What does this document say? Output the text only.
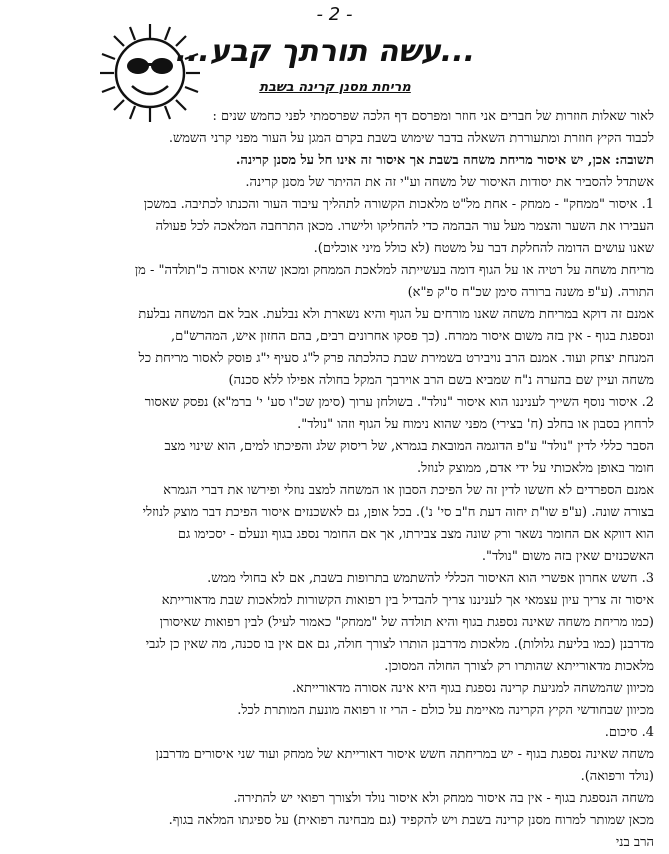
- 2 -
...עשה תורתך קבע...
מריחת מסנן קרינה בשבת
לאור שאלות חוזרות של חברים אני חוזר ומפרסם דף הלכה שפרסמתי לפני כחמש שנים :
לכבוד הקיץ חוזרת ומתעוררת השאלה בדבר שימוש בשבת בקרם המגן על העור מפני קרני השמש.
תשובה: אכן, יש איסור מריחת משחה בשבת אך איסור זה אינו חל על מסנן קרינה.
אשתדל להסביר את יסודות האיסור של משחה וע"י זה את ההיתר של מסנן קרינה.
1. איסור "ממחק" - ממחק - אחת מל"ט מלאכות הקשורה לתהליך עיבוד העור והכנתו לכתיבה. במשכן
העבירו את השער והצמר מעל עור הבהמה כדי להחליקו ולישרו. מכאן התרחבה המלאכה לכל פעולה
שאנו עושים הדומה להחלקת דבר על משטח (לא כולל מיני אוכלים).
מריחת משחה על רטיה או על הגוף דומה בעשייתה למלאכת הממחק ומכאן שהיא אסורה כ"תולדה" - מן
התורה. (ע"פ משנה ברורה סימן שכ"ח ס"ק פ"א)
אמנם זה דוקא במריחת משחה שאנו מורחים על הגוף והיא נשארת ולא נבלעת. אבל אם המשחה נבלעת
ונספגת בגוף - אין בזה משום איסור ממרח. (כך פסקו אחרונים רבים, בהם החזון איש, המהרש"ם,
המנחת יצחק ועוד. אמנם הרב נויבירט בשמירת שבת כהלכתה פרק ל"ג סעיף י"ג פוסק לאסור מריחת כל
משחה ועיין שם בהערה נ"ח שמביא בשם הרב אוירבך המקל בחולה אפילו ללא סכנה)
2. איסור נוסף השייך לעניננו הוא איסור "נולד". בשולחן ערוך (סימן שכ"ו סע' י' ברמ"א) נפסק שאסור
לרחוץ בסבון או בחלב (ח' בצירי) מפני שהוא נימוח על הגוף וזהו "נולד".
הסבר כללי לדין "נולד" ע"פ הדוגמה המובאת בגמרא, של ריסוק שלג והפיכתו למים, הוא שינוי מצב
חומר באופן מלאכותי על ידי אדם, ממוצק לנוזל.
אמנם הספרדים לא חששו לדין זה של הפיכת הסבון או המשחה למצב נוזלי ופירשו את דברי הגמרא
בצורה שונה. (ע"פ שו"ת יחוה דעת ח"ב סי' נ'). בכל אופן, גם לאשכנזים איסור הפיכת דבר מוצק לנוזלי
הוא דווקא אם החומר נשאר ורק שונה מצב צבירתו, אך אם החומר נספג בגוף ונעלם - יסכימו גם
האשכנזים שאין בזה משום "נולד".
3. חשש אחרון אפשרי הוא האיסור הכללי להשתמש בתרופות בשבת, אם לא בחולי ממש.
איסור זה צריך עיון עצמאי אך לעניננו צריך להבדיל בין רפואות הקשורות למלאכות שבת מדאורייתא
(כמו מריחת משחה שאינה נספגת בגוף והיא תולדה של "ממחק" כאמור לעיל) לבין רפואות שאיסורן
מדרבנן (כמו בליעת גלולות). מלאכות מדרבנן הותרו לצורך חולה, גם אם אין בו סכנה, מה שאין כן לגבי
מלאכות מדאורייתא שהותרו רק לצורך החולה המסוכן.
מכיוון שהמשחה למניעת קרינה נספגת בגוף היא אינה אסורה מדאורייתא.
מכיוון שבחודשי הקיץ הקרינה מאיימת על כולם - הרי זו רפואה מונעת המותרת לכל.
4. סיכום.
משחה שאינה נספגת בגוף - יש במריחתה חשש איסור דאורייתא של ממחק ועוד שני איסורים מדרבנן
(נולד ורפואה).
משחה הנספגת בגוף - אין בה איסור ממחק ולא איסור נולד ולצורך רפואי יש להתירה.
מכאן שמותר למרוח מסנן קרינה בשבת ויש להקפיד (גם מבחינה רפואית) על ספיגתו המלאה בגוף.
הרב בני
